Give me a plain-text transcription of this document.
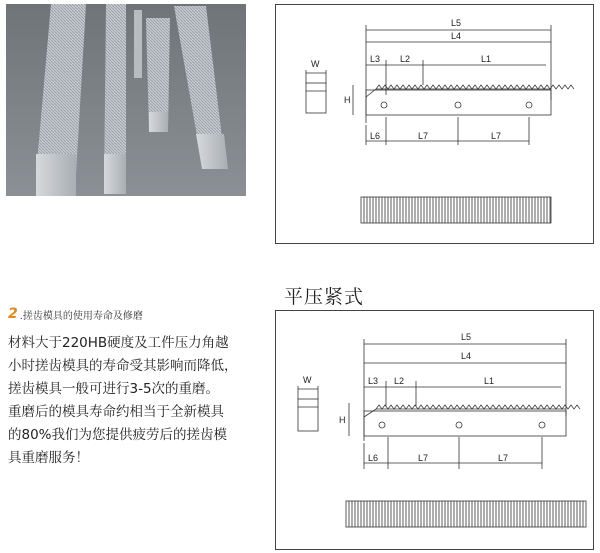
L5
L4
L3 L2	L1
W
H
L6	L7	L7
平压紧式
L5
L4
L3 L2	L1
W
H
L6	L7	L7
2 .搓齿模具的使用寿命及修磨
材料大于220HB硬度及工件压力角越
小时搓齿模具的寿命受其影响而降低，
搓齿模具一般可进行3-5次的重磨。
重磨后的模具寿命约相当于全新模具
的80%我们为您提供疲劳后的搓齿模
具重磨服务！
